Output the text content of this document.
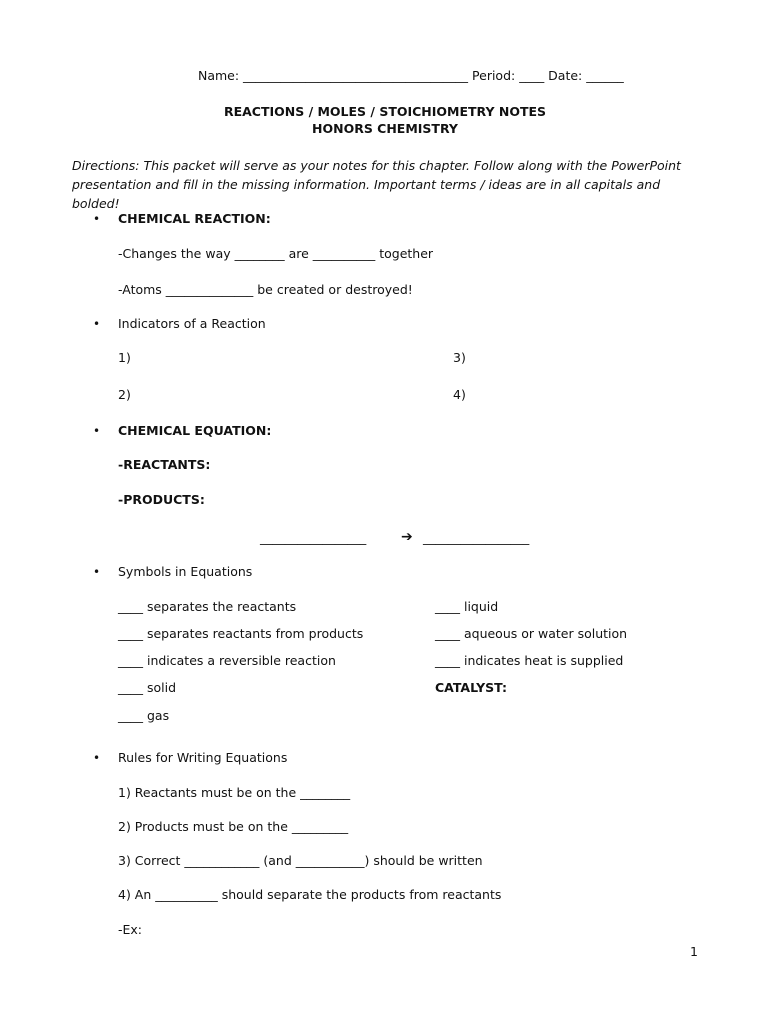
Name: ____________________________________ Period: ____ Date: ______
REACTIONS / MOLES / STOICHIOMETRY NOTES
HONORS CHEMISTRY
Directions: This packet will serve as your notes for this chapter. Follow along with the PowerPoint presentation and fill in the missing information. Important terms / ideas are in all capitals and bolded!
• CHEMICAL REACTION:
-Changes the way ________ are __________ together
-Atoms ______________ be created or destroyed!
• Indicators of a Reaction
1)	3)
2)	4)
• CHEMICAL EQUATION:
-REACTANTS:
-PRODUCTS:
_________________ ➔ _________________
• Symbols in Equations
____ separates the reactants
____ separates reactants from products
____ indicates a reversible reaction
____ solid
____ gas
____ liquid
____ aqueous or water solution
____ indicates heat is supplied
CATALYST:
• Rules for Writing Equations
1) Reactants must be on the ________
2) Products must be on the _________
3) Correct ____________ (and ___________) should be written
4) An __________ should separate the products from reactants
-Ex:
1
